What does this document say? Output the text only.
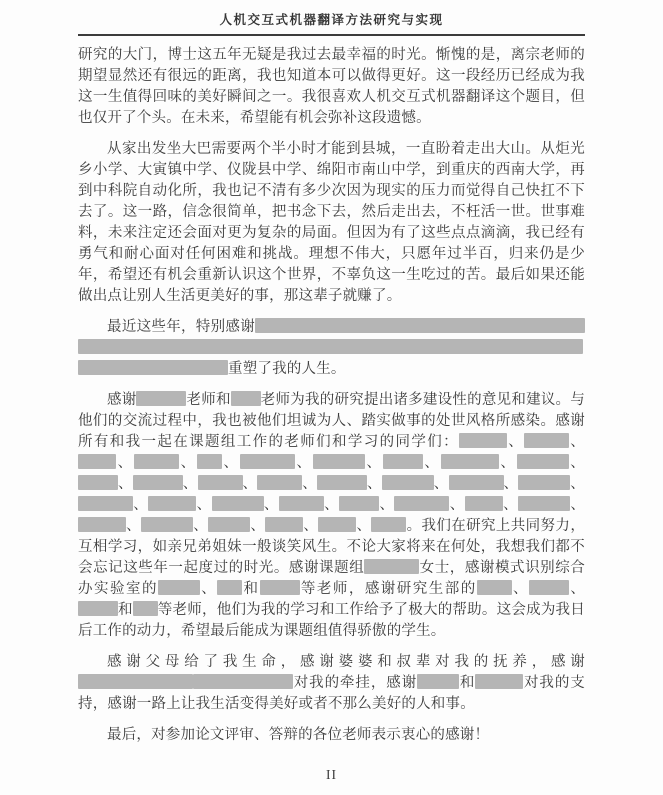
人机交互式机器翻译方法研究与实现

研究的大门，博士这五年无疑是我过去最幸福的时光。惭愧的是，离宗老师的期望显然还有很远的距离，我也知道本可以做得更好。这一段经历已经成为我这一生值得回味的美好瞬间之一。我很喜欢人机交互式机器翻译这个题目，但也仅开了个头。在未来，希望能有机会弥补这段遗憾。

从家出发坐大巴需要两个半小时才能到县城，一直盼着走出大山。从炬光乡小学、大寅镇中学、仪陇县中学、绵阳市南山中学，到重庆的西南大学，再到中科院自动化所，我也记不清有多少次因为现实的压力而觉得自己快扛不下去了。这一路，信念很简单，把书念下去，然后走出去，不枉活一世。世事难料，未来注定还会面对更为复杂的局面。但因为有了这些点点滴滴，我已经有勇气和耐心面对任何困难和挑战。理想不伟大，只愿年过半百，归来仍是少年，希望还有机会重新认识这个世界，不辜负这一生吃过的苦。最后如果还能做出点让别人生活更美好的事，那这辈子就赚了。

最近这些年，特别感谢重塑了我的人生。

感谢	老师和 老师为我的研究提出诸多建设性的意见和建议。与他们的交流过程中，我也被他们坦诚为人、踏实做事的处世风格所感染。感谢所有和我一起在课题组工作的老师们和学习的同学们：	、	、、	、 、	、	、	、	、	、、	、	、	、	、	、	、	、、	、	、	、	、	、	、	、、	、	、	、	、 。我们在研究上共同努力，互相学习，如亲兄弟姐妹一般谈笑风生。不论大家将来在何处，我想我们都不会忘记这些年一起度过的时光。感谢课题组	女士，感谢模式识别综合办实验室的	、 和	等老师，感谢研究生部的 、	、和 等老师，他们为我的学习和工作给予了极大的帮助。这会成为我日后工作的动力，希望最后能成为课题组值得骄傲的学生。

感谢父母给了我生命，感谢婆婆和叔辈对我的抚养，感谢对我的牵挂，感谢	和	对我的支持，感谢一路上让我生活变得美好或者不那么美好的人和事。

最后，对参加论文评审、答辩的各位老师表示衷心的感谢！

II
